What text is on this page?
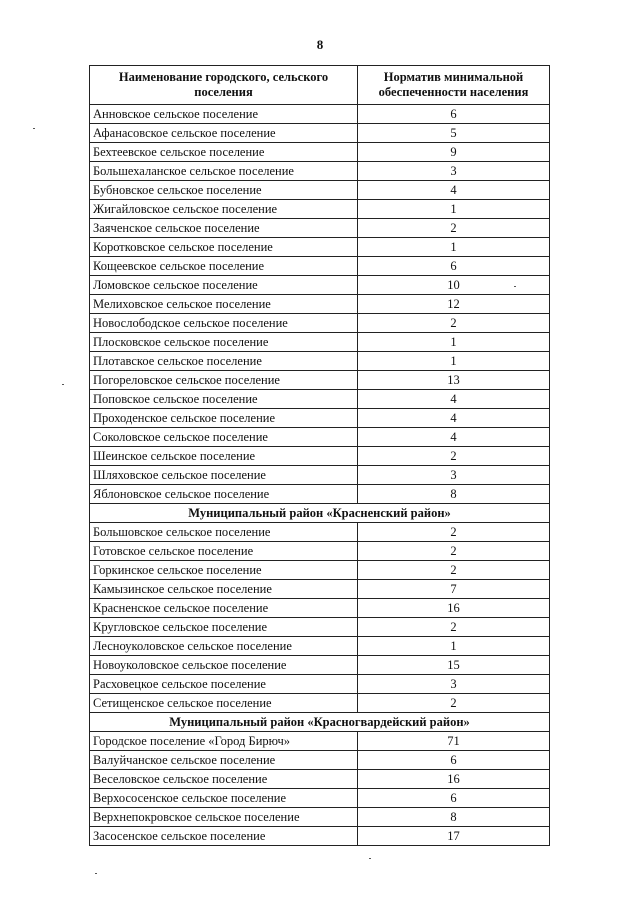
8
Наименование городского, сельского поселения	Норматив минимальной обеспеченности населения
Анновское сельское поселение	6
Афанасовское сельское поселение	5
Бехтеевское сельское поселение	9
Большехаланское сельское поселение	3
Бубновское сельское поселение	4
Жигайловское сельское поселение	1
Заяченское сельское поселение	2
Коротковское сельское поселение	1
Кощеевское сельское поселение	6
Ломовское сельское поселение	10
Мелиховское сельское поселение	12
Новослободское сельское поселение	2
Плосковское сельское поселение	1
Плотавское сельское поселение	1
Погореловское сельское поселение	13
Поповское сельское поселение	4
Проходенское сельское поселение	4
Соколовское сельское поселение	4
Шеинское сельское поселение	2
Шляховское сельское поселение	3
Яблоновское сельское поселение	8
Муниципальный район «Красненский район»	
Большовское сельское поселение	2
Готовское сельское поселение	2
Горкинское сельское поселение	2
Камызинское сельское поселение	7
Красненское сельское поселение	16
Кругловское сельское поселение	2
Лесноуколовское сельское поселение	1
Новоуколовское сельское поселение	15
Расховецкое сельское поселение	3
Сетищенское сельское поселение	2
Муниципальный район «Красногвардейский район»	
Городское поселение «Город Бирюч»	71
Валуйчанское сельское поселение	6
Веселовское сельское поселение	16
Верхососенское сельское поселение	6
Верхнепокровское сельское поселение	8
Засосенское сельское поселение	17
